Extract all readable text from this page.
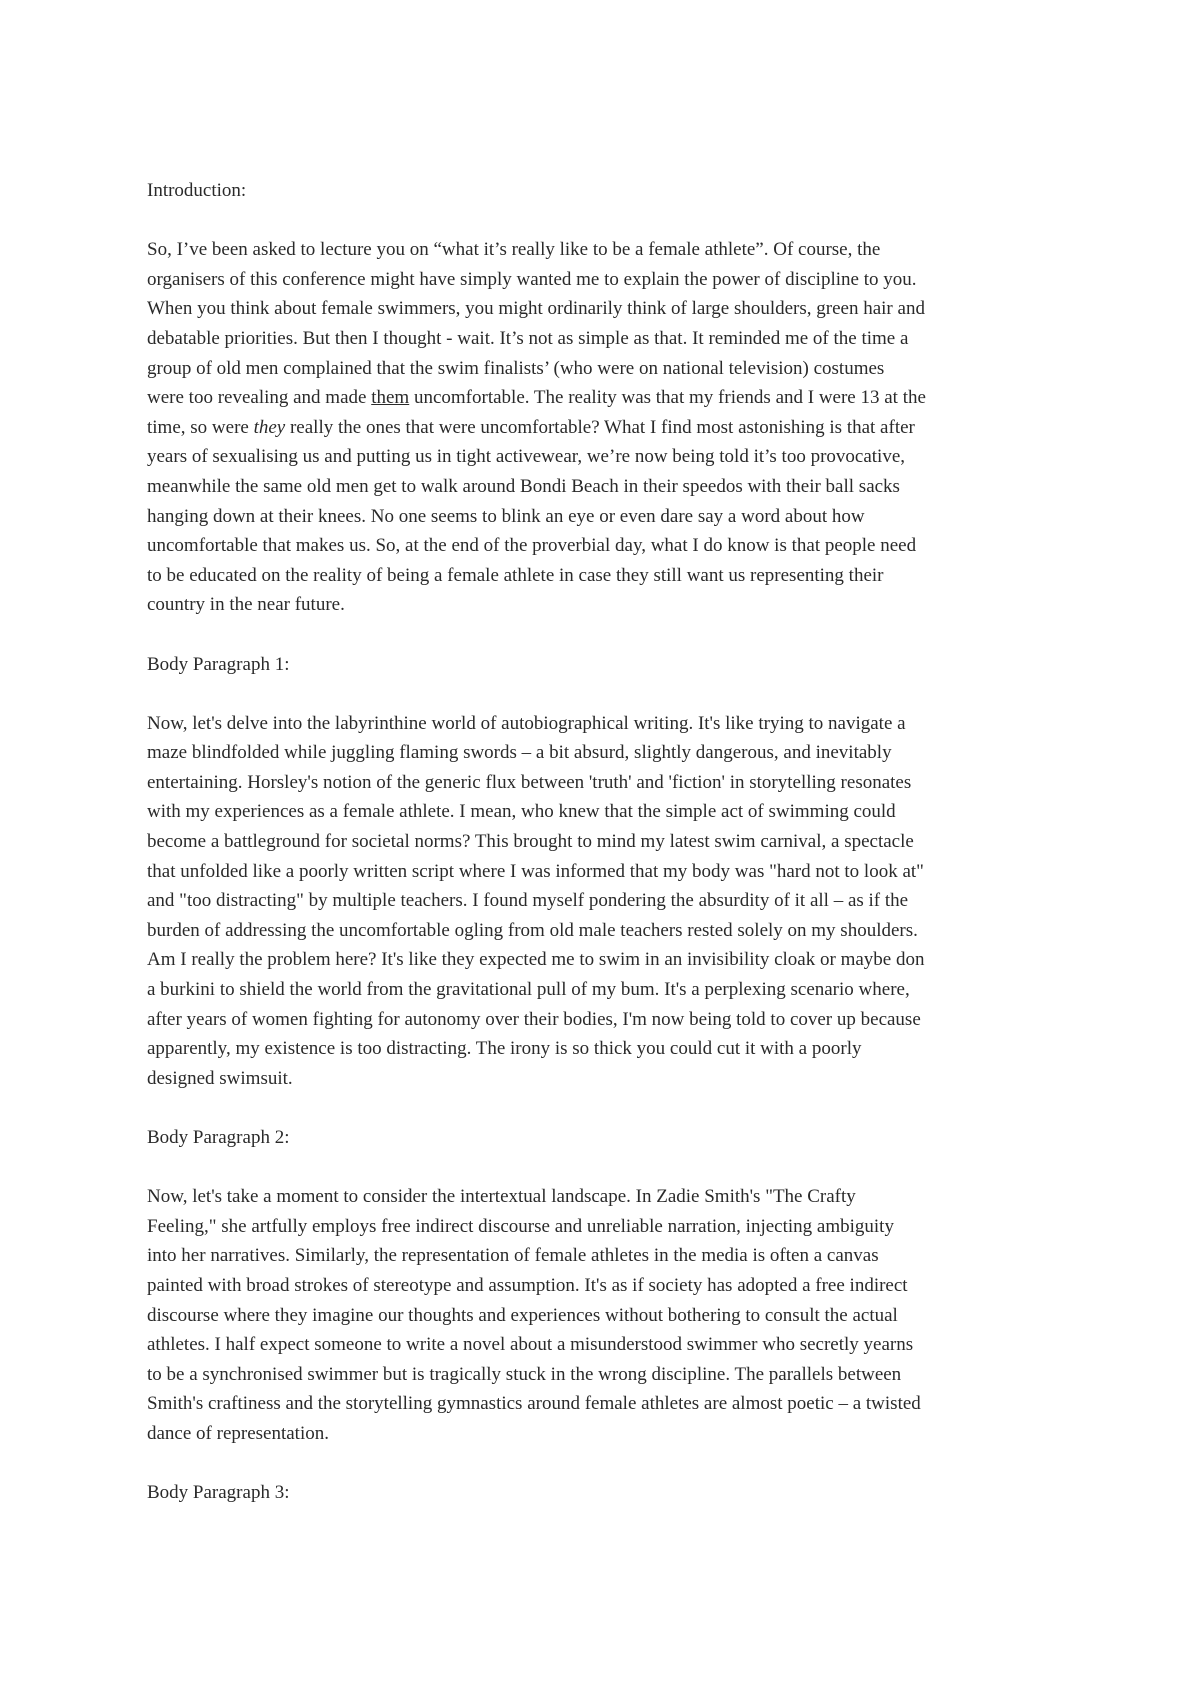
Introduction:

So, I’ve been asked to lecture you on “what it’s really like to be a female athlete”. Of course, the
organisers of this conference might have simply wanted me to explain the power of discipline to you.
When you think about female swimmers, you might ordinarily think of large shoulders, green hair and
debatable priorities. But then I thought - wait. It’s not as simple as that. It reminded me of the time a
group of old men complained that the swim finalists’ (who were on national television) costumes
were too revealing and made them uncomfortable. The reality was that my friends and I were 13 at the
time, so were they really the ones that were uncomfortable? What I find most astonishing is that after
years of sexualising us and putting us in tight activewear, we’re now being told it’s too provocative,
meanwhile the same old men get to walk around Bondi Beach in their speedos with their ball sacks
hanging down at their knees. No one seems to blink an eye or even dare say a word about how
uncomfortable that makes us. So, at the end of the proverbial day, what I do know is that people need
to be educated on the reality of being a female athlete in case they still want us representing their
country in the near future.

Body Paragraph 1:

Now, let's delve into the labyrinthine world of autobiographical writing. It's like trying to navigate a
maze blindfolded while juggling flaming swords – a bit absurd, slightly dangerous, and inevitably
entertaining. Horsley's notion of the generic flux between 'truth' and 'fiction' in storytelling resonates
with my experiences as a female athlete. I mean, who knew that the simple act of swimming could
become a battleground for societal norms? This brought to mind my latest swim carnival, a spectacle
that unfolded like a poorly written script where I was informed that my body was "hard not to look at"
and "too distracting" by multiple teachers. I found myself pondering the absurdity of it all – as if the
burden of addressing the uncomfortable ogling from old male teachers rested solely on my shoulders.
Am I really the problem here? It's like they expected me to swim in an invisibility cloak or maybe don
a burkini to shield the world from the gravitational pull of my bum. It's a perplexing scenario where,
after years of women fighting for autonomy over their bodies, I'm now being told to cover up because
apparently, my existence is too distracting. The irony is so thick you could cut it with a poorly
designed swimsuit.

Body Paragraph 2:

Now, let's take a moment to consider the intertextual landscape. In Zadie Smith's "The Crafty
Feeling," she artfully employs free indirect discourse and unreliable narration, injecting ambiguity
into her narratives. Similarly, the representation of female athletes in the media is often a canvas
painted with broad strokes of stereotype and assumption. It's as if society has adopted a free indirect
discourse where they imagine our thoughts and experiences without bothering to consult the actual
athletes. I half expect someone to write a novel about a misunderstood swimmer who secretly yearns
to be a synchronised swimmer but is tragically stuck in the wrong discipline. The parallels between
Smith's craftiness and the storytelling gymnastics around female athletes are almost poetic – a twisted
dance of representation.

Body Paragraph 3:
